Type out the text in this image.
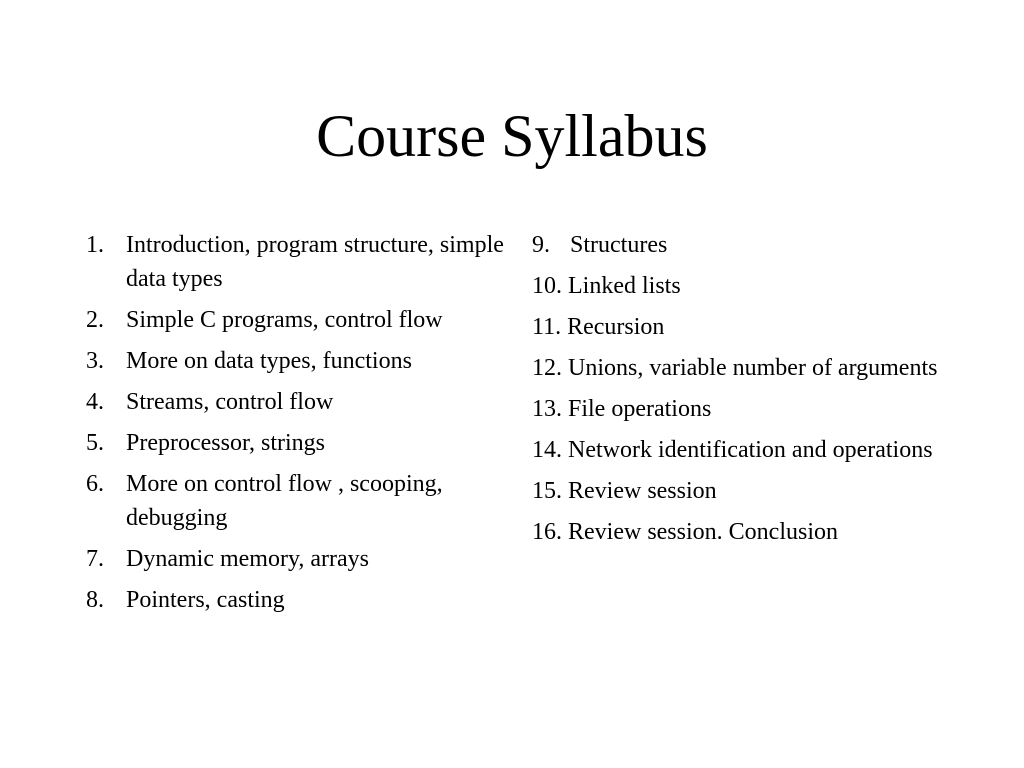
Course Syllabus
1. Introduction, program structure, simple data types
2. Simple C programs, control flow
3. More on data types, functions
4. Streams, control flow
5. Preprocessor, strings
6. More on control flow , scooping, debugging
7. Dynamic memory, arrays
8. Pointers, casting
9. Structures
10. Linked lists
11. Recursion
12. Unions, variable number of arguments
13. File operations
14. Network identification and operations
15. Review session
16. Review session. Conclusion
